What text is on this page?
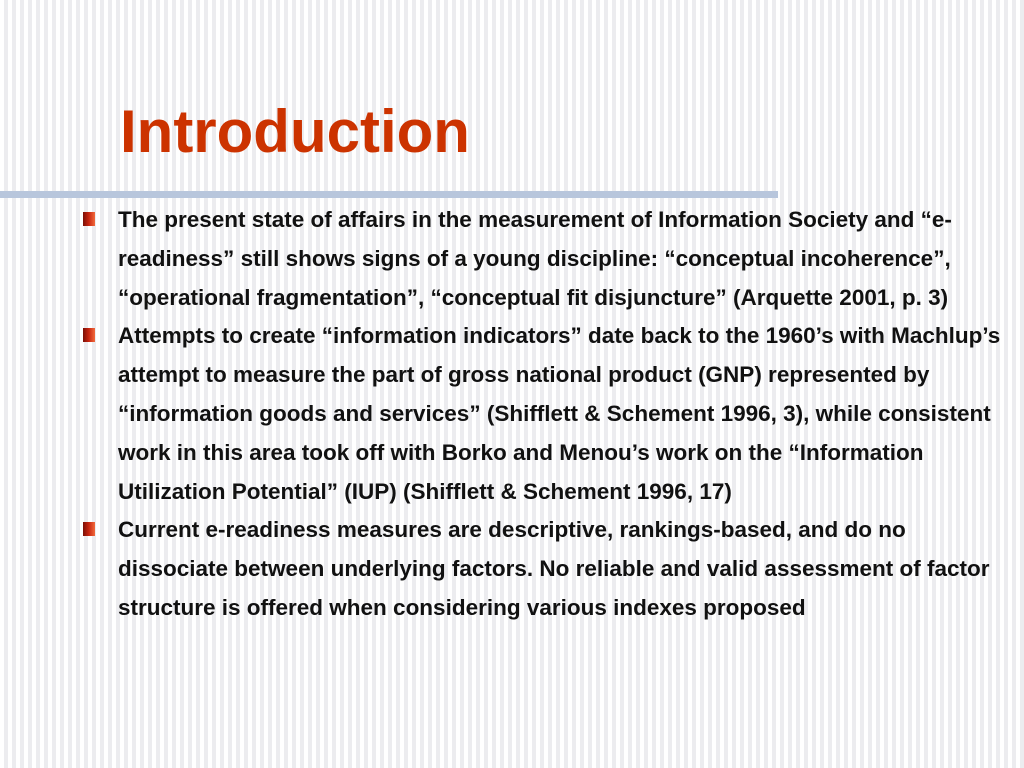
Introduction
The present state of affairs in the measurement of Information Society and “e-readiness” still shows signs of a young discipline: “conceptual incoherence”, “operational fragmentation”, “conceptual fit disjuncture” (Arquette 2001, p. 3)
Attempts to create “information indicators” date back to the 1960’s with Machlup’s attempt to measure the part of gross national product (GNP) represented by “information goods and services” (Shifflett & Schement 1996, 3), while consistent work in this area took off with Borko and Menou’s work on the “Information Utilization Potential” (IUP) (Shifflett & Schement 1996, 17)
Current e-readiness measures are descriptive, rankings-based, and do no dissociate between underlying factors. No reliable and valid assessment of factor structure is offered when considering various indexes proposed
